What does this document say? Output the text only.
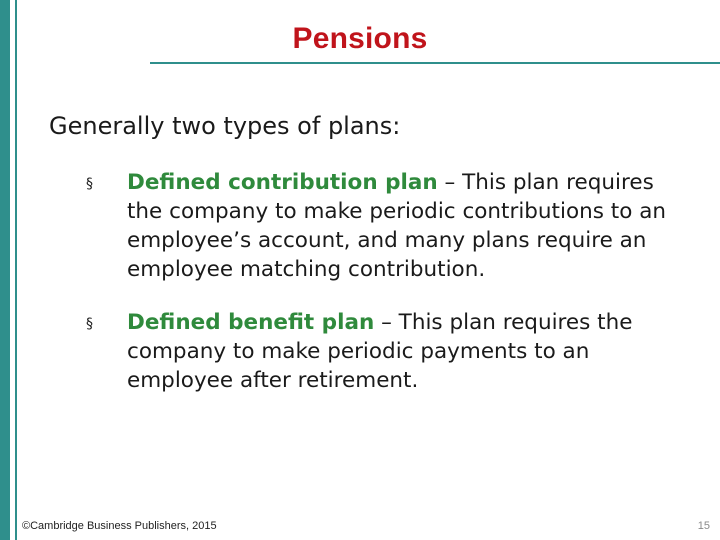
Pensions
Generally two types of plans:
§	Defined contribution plan – This plan requires the company to make periodic contributions to an employee’s account, and many plans require an employee matching contribution.
§	Defined benefit plan – This plan requires the company to make periodic payments to an employee after retirement.
©Cambridge Business Publishers, 2015	15
